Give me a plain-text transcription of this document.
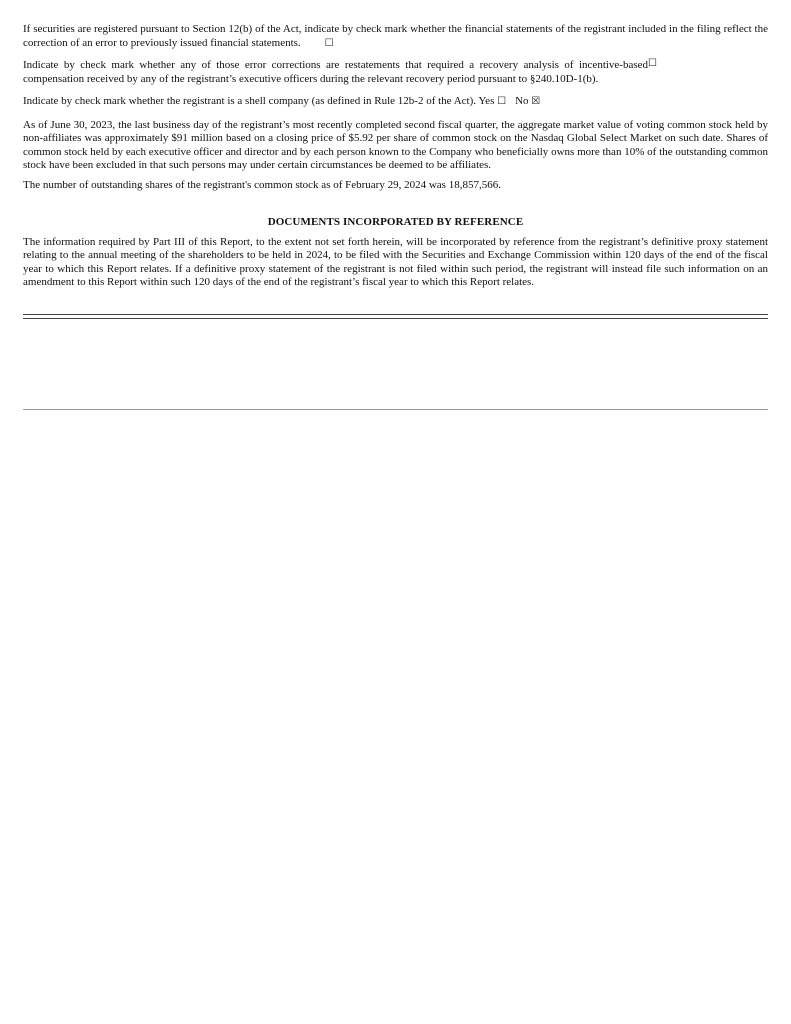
If securities are registered pursuant to Section 12(b) of the Act, indicate by check mark whether the financial statements of the registrant included in the filing reflect the correction of an error to previously issued financial statements. ☐

☐
Indicate by check mark whether any of those error corrections are restatements that required a recovery analysis of incentive-based compensation received by any of the registrant’s executive officers during the relevant recovery period pursuant to §240.10D-1(b).

Indicate by check mark whether the registrant is a shell company (as defined in Rule 12b-2 of the Act). Yes ☐ No ☒

As of June 30, 2023, the last business day of the registrant’s most recently completed second fiscal quarter, the aggregate market value of voting common stock held by non-affiliates was approximately $91 million based on a closing price of $5.92 per share of common stock on the Nasdaq Global Select Market on such date. Shares of common stock held by each executive officer and director and by each person known to the Company who beneficially owns more than 10% of the outstanding common stock have been excluded in that such persons may under certain circumstances be deemed to be affiliates.

The number of outstanding shares of the registrant's common stock as of February 29, 2024 was 18,857,566.

DOCUMENTS INCORPORATED BY REFERENCE

The information required by Part III of this Report, to the extent not set forth herein, will be incorporated by reference from the registrant’s definitive proxy statement relating to the annual meeting of the shareholders to be held in 2024, to be filed with the Securities and Exchange Commission within 120 days of the end of the fiscal year to which this Report relates. If a definitive proxy statement of the registrant is not filed within such period, the registrant will instead file such information on an amendment to this Report within such 120 days of the end of the registrant’s fiscal year to which this Report relates.
